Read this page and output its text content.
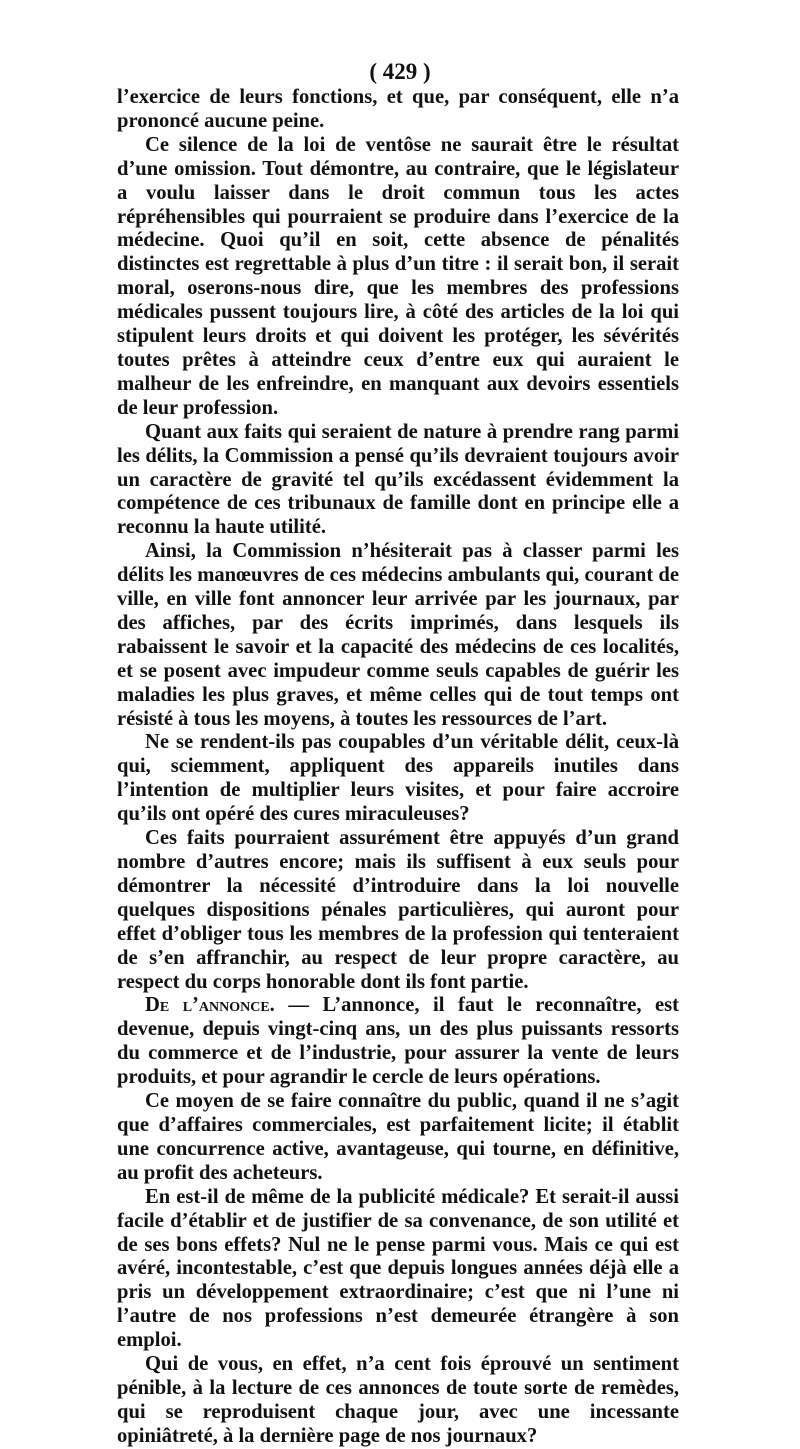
( 429 )

l’exercice de leurs fonctions, et que, par conséquent, elle n’a prononcé aucune peine.

Ce silence de la loi de ventôse ne saurait être le résultat d’une omission. Tout démontre, au contraire, que le législateur a voulu laisser dans le droit commun tous les actes répréhensibles qui pourraient se produire dans l’exercice de la médecine. Quoi qu’il en soit, cette absence de pénalités distinctes est regrettable à plus d’un titre : il serait bon, il serait moral, oserons-nous dire, que les membres des professions médicales pussent toujours lire, à côté des articles de la loi qui stipulent leurs droits et qui doivent les protéger, les sévérités toutes prêtes à atteindre ceux d’entre eux qui auraient le malheur de les enfreindre, en manquant aux devoirs essentiels de leur profession.

Quant aux faits qui seraient de nature à prendre rang parmi les délits, la Commission a pensé qu’ils devraient toujours avoir un caractère de gravité tel qu’ils excédassent évidemment la compétence de ces tribunaux de famille dont en principe elle a reconnu la haute utilité.

Ainsi, la Commission n’hésiterait pas à classer parmi les délits les manœuvres de ces médecins ambulants qui, courant de ville, en ville font annoncer leur arrivée par les journaux, par des affiches, par des écrits imprimés, dans lesquels ils rabaissent le savoir et la capacité des médecins de ces localités, et se posent avec impudeur comme seuls capables de guérir les maladies les plus graves, et même celles qui de tout temps ont résisté à tous les moyens, à toutes les ressources de l’art.

Ne se rendent-ils pas coupables d’un véritable délit, ceux-là qui, sciemment, appliquent des appareils inutiles dans l’intention de multiplier leurs visites, et pour faire accroire qu’ils ont opéré des cures miraculeuses?

Ces faits pourraient assurément être appuyés d’un grand nombre d’autres encore; mais ils suffisent à eux seuls pour démontrer la nécessité d’introduire dans la loi nouvelle quelques dispositions pénales particulières, qui auront pour effet d’obliger tous les membres de la profession qui tenteraient de s’en affranchir, au respect de leur propre caractère, au respect du corps honorable dont ils font partie.

De l’annonce. — L’annonce, il faut le reconnaître, est devenue, depuis vingt-cinq ans, un des plus puissants ressorts du commerce et de l’industrie, pour assurer la vente de leurs produits, et pour agrandir le cercle de leurs opérations.

Ce moyen de se faire connaître du public, quand il ne s’agit que d’affaires commerciales, est parfaitement licite; il établit une concurrence active, avantageuse, qui tourne, en définitive, au profit des acheteurs.

En est-il de même de la publicité médicale? Et serait-il aussi facile d’établir et de justifier de sa convenance, de son utilité et de ses bons effets? Nul ne le pense parmi vous. Mais ce qui est avéré, incontestable, c’est que depuis longues années déjà elle a pris un développement extraordinaire; c’est que ni l’une ni l’autre de nos professions n’est demeurée étrangère à son emploi.

Qui de vous, en effet, n’a cent fois éprouvé un sentiment pénible, à la lecture de ces annonces de toute sorte de remèdes, qui se reproduisent chaque jour, avec une incessante opiniâtreté, à la dernière page de nos journaux?
